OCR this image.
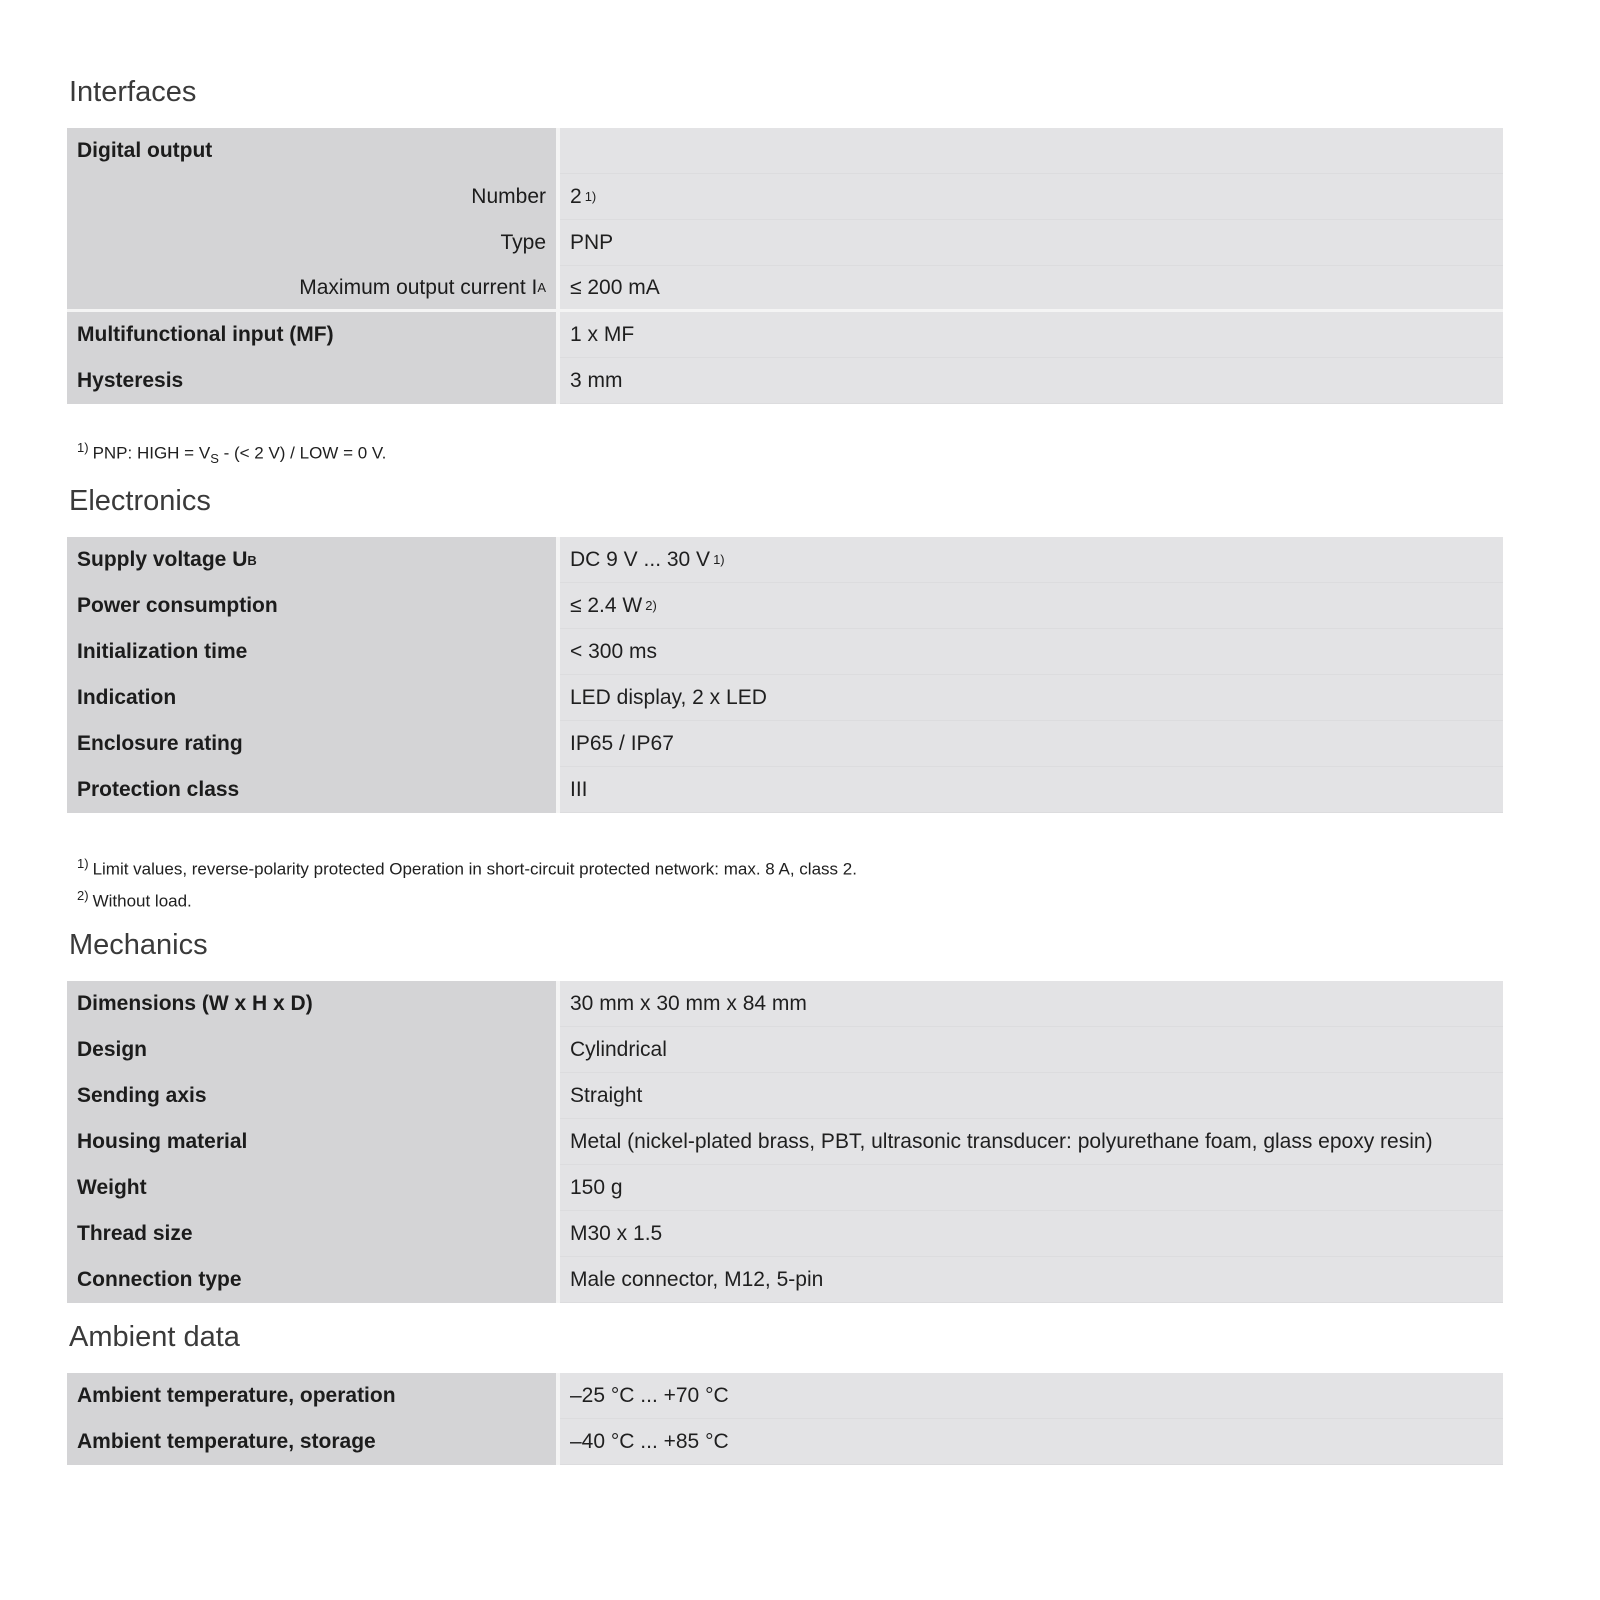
Interfaces
Digital output
Number	2 1)
Type	PNP
Maximum output current I A	≤ 200 mA
Multifunctional input (MF)	1 x MF
Hysteresis	3 mm
$^{1)}$ PNP: HIGH = $V_S$ - (< 2 V) / LOW = 0 V.
Electronics
Supply voltage U B	DC 9 V ... 30 V 1)
Power consumption	≤ 2.4 W 2)
Initialization time	< 300 ms
Indication	LED display, 2 x LED
Enclosure rating	IP65 / IP67
Protection class	III
$^{1)}$ Limit values, reverse-polarity protected Operation in short-circuit protected network: max. 8 A, class 2.
$^{2)}$ Without load.
Mechanics
Dimensions (W x H x D)	30 mm x 30 mm x 84 mm
Design	Cylindrical
Sending axis	Straight
Housing material	Metal (nickel-plated brass, PBT, ultrasonic transducer: polyurethane foam, glass epoxy resin)
Weight	150 g
Thread size	M30 x 1.5
Connection type	Male connector, M12, 5-pin
Ambient data
Ambient temperature, operation	–25 °C ... +70 °C
Ambient temperature, storage	–40 °C ... +85 °C
